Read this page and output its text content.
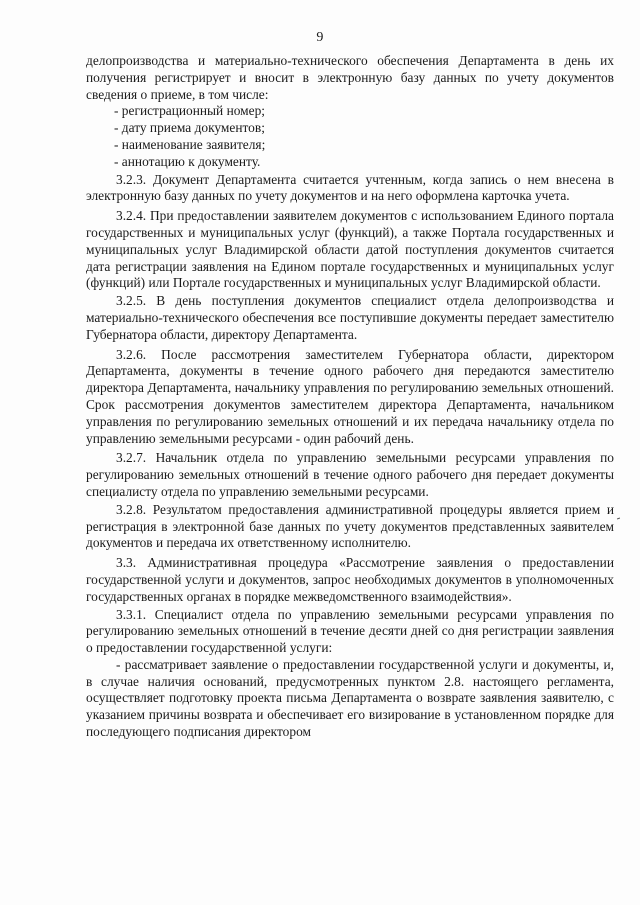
9

делопроизводства и материально-технического обеспечения Департамента в день их получения регистрирует и вносит в электронную базу данных по учету документов сведения о приеме, в том числе:

- регистрационный номер;

- дату приема документов;

- наименование заявителя;

- аннотацию к документу.

3.2.3. Документ Департамента считается учтенным, когда запись о нем внесена в электронную базу данных по учету документов и на него оформлена карточка учета.

3.2.4. При предоставлении заявителем документов с использованием Единого портала государственных и муниципальных услуг (функций), а также Портала государственных и муниципальных услуг Владимирской области датой поступления документов считается дата регистрации заявления на Едином портале государственных и муниципальных услуг (функций) или Портале государственных и муниципальных услуг Владимирской области.

3.2.5. В день поступления документов специалист отдела делопроизводства и материально-технического обеспечения все поступившие документы передает заместителю Губернатора области, директору Департамента.

3.2.6. После рассмотрения заместителем Губернатора области, директором Департамента, документы в течение одного рабочего дня передаются заместителю директора Департамента, начальнику управления по регулированию земельных отношений. Срок рассмотрения документов заместителем директора Департамента, начальником управления по регулированию земельных отношений и их передача начальнику отдела по управлению земельными ресурсами - один рабочий день.

3.2.7. Начальник отдела по управлению земельными ресурсами управления по регулированию земельных отношений в течение одного рабочего дня передает документы специалисту отдела по управлению земельными ресурсами.

3.2.8. Результатом предоставления административной процедуры является прием и регистрация в электронной базе данных по учету документов представленных заявителем документов и передача их ответственному исполнителю.

3.3. Административная процедура «Рассмотрение заявления о предоставлении государственной услуги и документов, запрос необходимых документов в уполномоченных государственных органах в порядке межведомственного взаимодействия».

3.3.1. Специалист отдела по управлению земельными ресурсами управления по регулированию земельных отношений в течение десяти дней со дня регистрации заявления о предоставлении государственной услуги:

- рассматривает заявление о предоставлении государственной услуги и документы, и, в случае наличия оснований, предусмотренных пунктом 2.8. настоящего регламента, осуществляет подготовку проекта письма Департамента о возврате заявления заявителю, с указанием причины возврата и обеспечивает его визирование в установленном порядке для последующего подписания директором
